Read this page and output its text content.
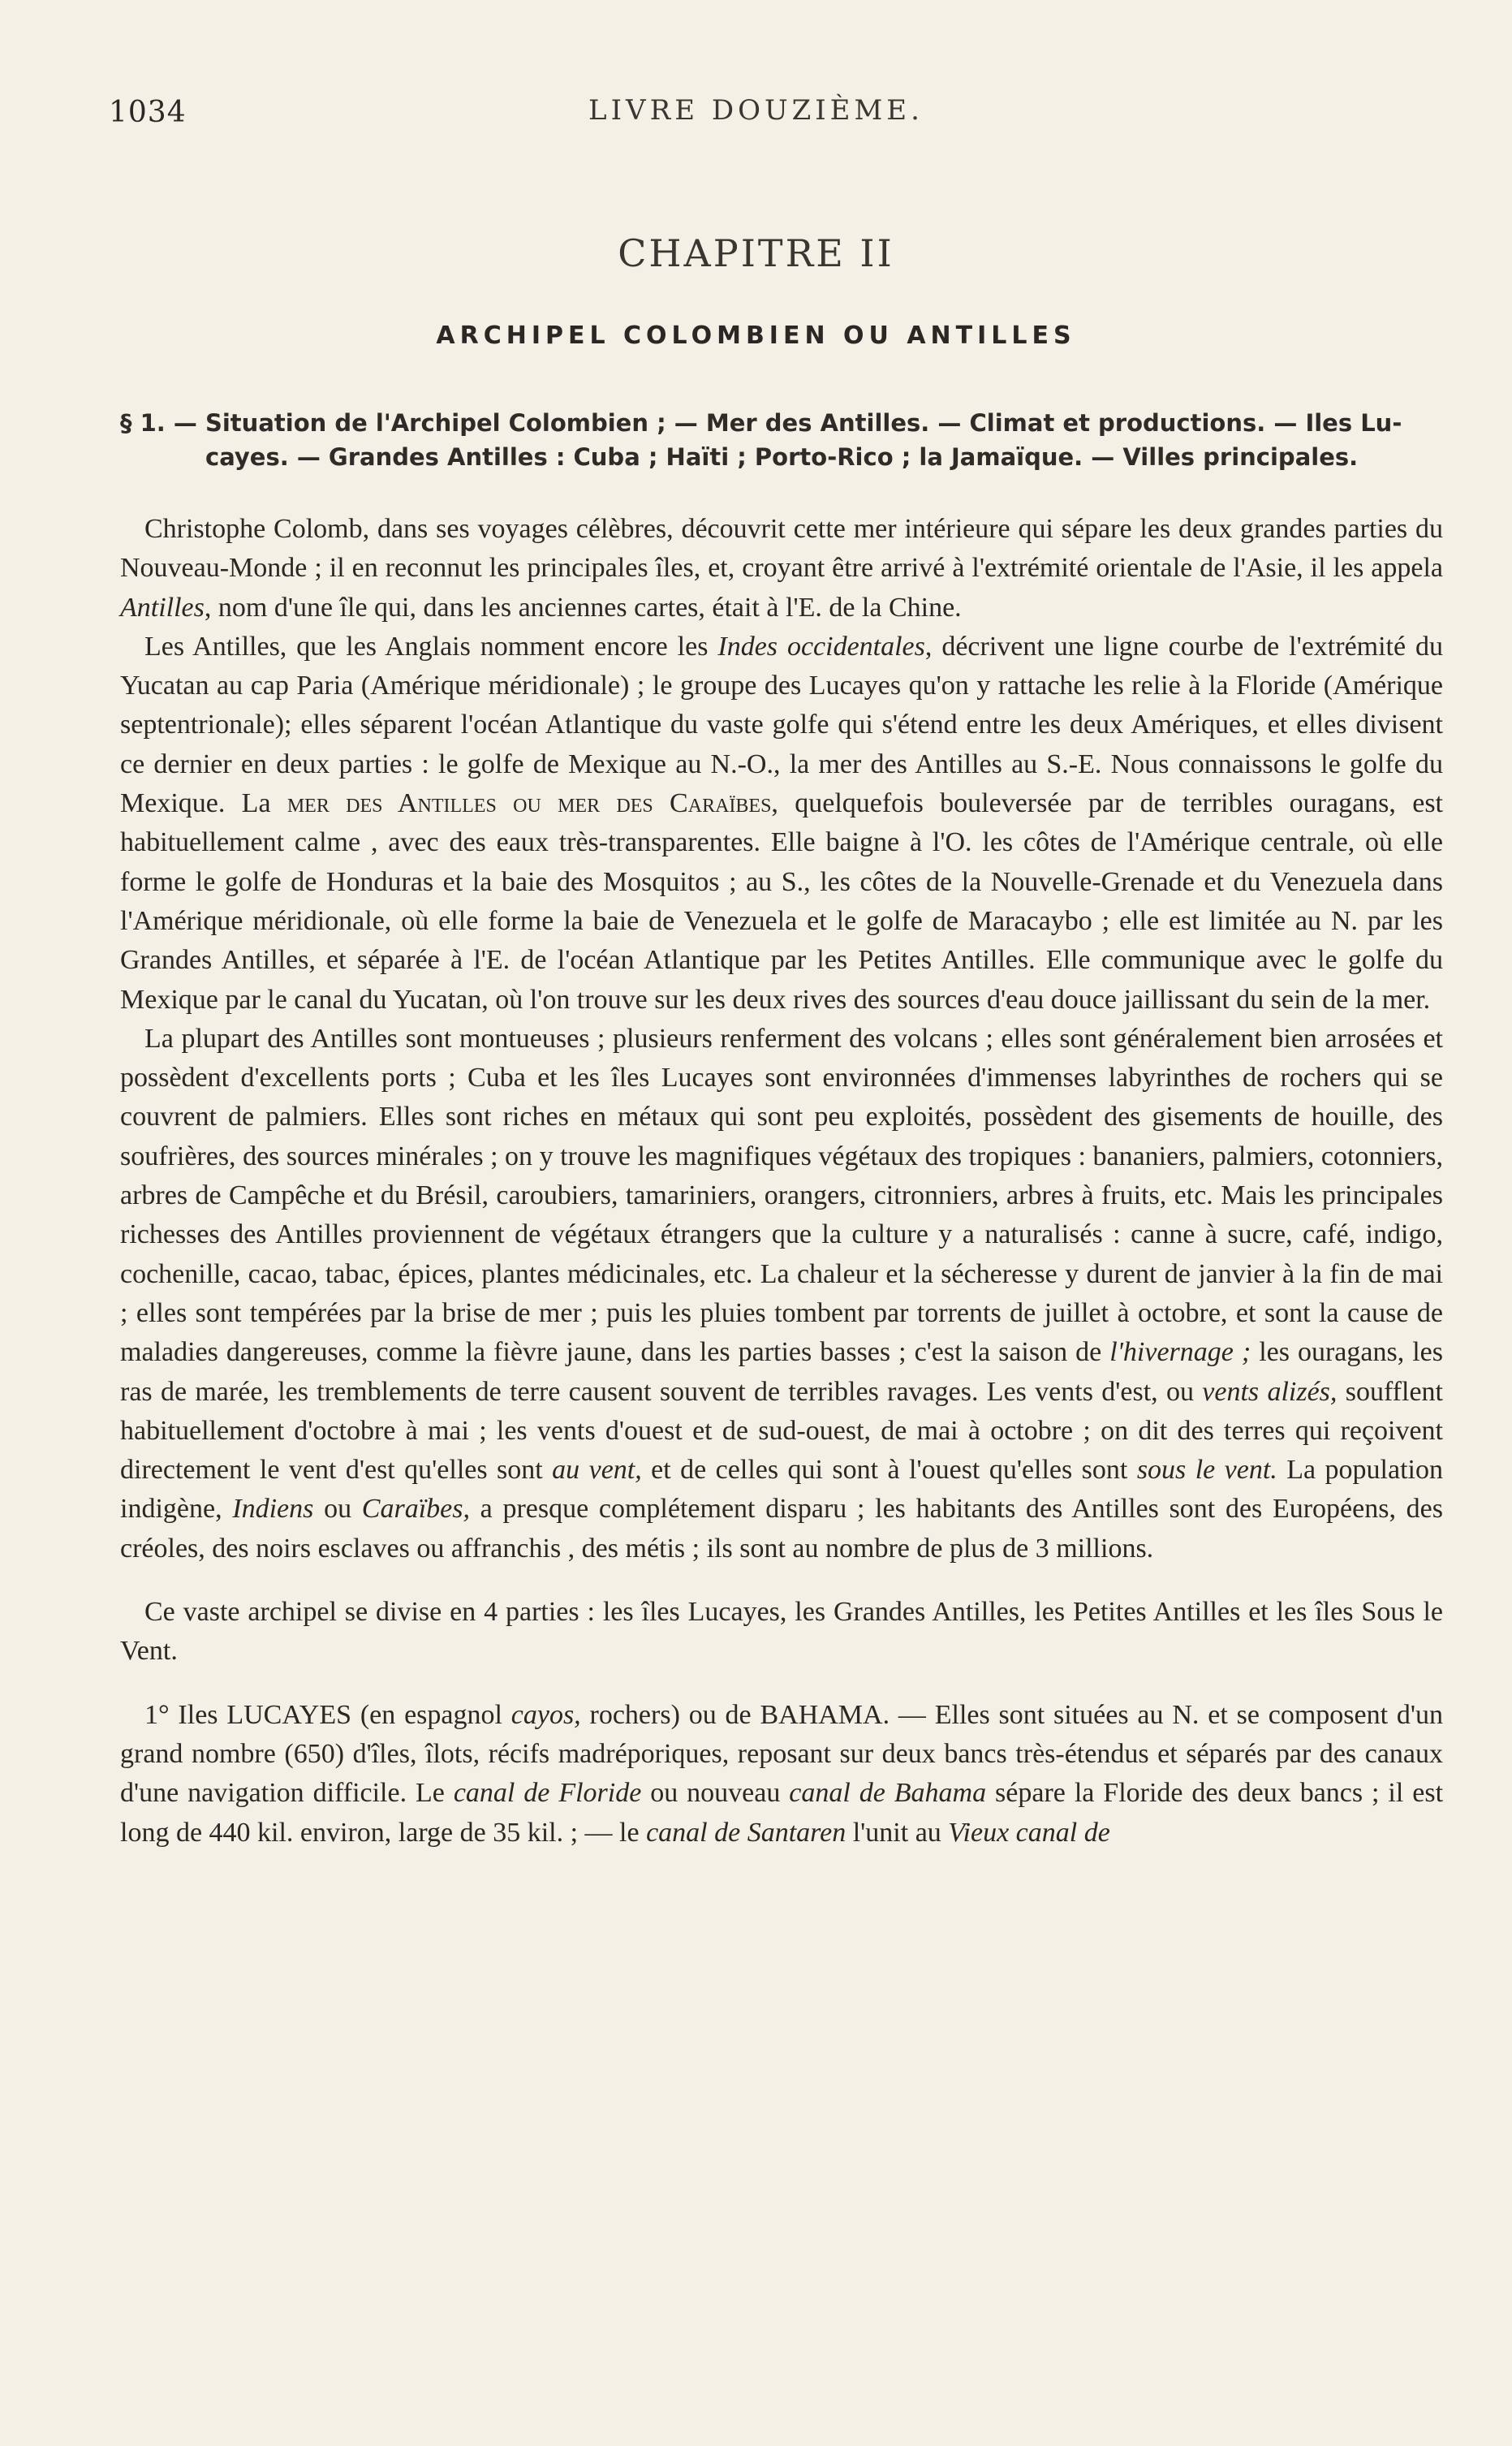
1034	LIVRE DOUZIÈME.
CHAPITRE II
ARCHIPEL COLOMBIEN OU ANTILLES
§ 1. — Situation de l'Archipel Colombien ; — Mer des Antilles. — Climat et productions. — Iles Lu-
cayes. — Grandes Antilles : Cuba ; Haïti ; Porto-Rico ; la Jamaïque. — Villes principales.

Christophe Colomb, dans ses voyages célèbres, découvrit cette mer intérieure qui sépare les deux grandes parties du Nouveau-Monde ; il en reconnut les principales îles, et, croyant être arrivé à l'extrémité orientale de l'Asie, il les appela Antilles, nom d'une île qui, dans les anciennes cartes, était à l'E. de la Chine.

Les Antilles, que les Anglais nomment encore les Indes occidentales, décrivent une ligne courbe de l'extrémité du Yucatan au cap Paria (Amérique méridionale) ; le groupe des Lucayes qu'on y rattache les relie à la Floride (Amérique septentrionale); elles séparent l'océan Atlantique du vaste golfe qui s'étend entre les deux Amériques, et elles divisent ce dernier en deux parties : le golfe de Mexique au N.-O., la mer des Antilles au S.-E. Nous connaissons le golfe du Mexique. La mer des Antilles ou mer des Caraïbes, quelquefois bouleversée par de terribles ouragans, est habituellement calme , avec des eaux très-transparentes. Elle baigne à l'O. les côtes de l'Amérique centrale, où elle forme le golfe de Honduras et la baie des Mosquitos ; au S., les côtes de la Nouvelle-Grenade et du Venezuela dans l'Amérique méridionale, où elle forme la baie de Venezuela et le golfe de Maracaybo ; elle est limitée au N. par les Grandes Antilles, et séparée à l'E. de l'océan Atlantique par les Petites Antilles. Elle communique avec le golfe du Mexique par le canal du Yucatan, où l'on trouve sur les deux rives des sources d'eau douce jaillissant du sein de la mer.

La plupart des Antilles sont montueuses ; plusieurs renferment des volcans ; elles sont généralement bien arrosées et possèdent d'excellents ports ; Cuba et les îles Lucayes sont environnées d'immenses labyrinthes de rochers qui se couvrent de palmiers. Elles sont riches en métaux qui sont peu exploités, possèdent des gisements de houille, des soufrières, des sources minérales ; on y trouve les magnifiques végétaux des tropiques : bananiers, palmiers, cotonniers, arbres de Campêche et du Brésil, caroubiers, tamariniers, orangers, citronniers, arbres à fruits, etc. Mais les principales richesses des Antilles proviennent de végétaux étrangers que la culture y a naturalisés : canne à sucre, café, indigo, cochenille, cacao, tabac, épices, plantes médicinales, etc. La chaleur et la sécheresse y durent de janvier à la fin de mai ; elles sont tempérées par la brise de mer ; puis les pluies tombent par torrents de juillet à octobre, et sont la cause de maladies dangereuses, comme la fièvre jaune, dans les parties basses ; c'est la saison de l'hivernage ; les ouragans, les ras de marée, les tremblements de terre causent souvent de terribles ravages. Les vents d'est, ou vents alizés, soufflent habituellement d'octobre à mai ; les vents d'ouest et de sud-ouest, de mai à octobre ; on dit des terres qui reçoivent directement le vent d'est qu'elles sont au vent, et de celles qui sont à l'ouest qu'elles sont sous le vent. La population indigène, Indiens ou Caraïbes, a presque complétement disparu ; les habitants des Antilles sont des Européens, des créoles, des noirs esclaves ou affranchis , des métis ; ils sont au nombre de plus de 3 millions.

Ce vaste archipel se divise en 4 parties : les îles Lucayes, les Grandes Antilles, les Petites Antilles et les îles Sous le Vent.

1° Iles LUCAYES (en espagnol cayos, rochers) ou de BAHAMA. — Elles sont situées au N. et se composent d'un grand nombre (650) d'îles, îlots, récifs madréporiques, reposant sur deux bancs très-étendus et séparés par des canaux d'une navigation difficile. Le canal de Floride ou nouveau canal de Bahama sépare la Floride des deux bancs ; il est long de 440 kil. environ, large de 35 kil. ; — le canal de Santaren l'unit au Vieux canal de
